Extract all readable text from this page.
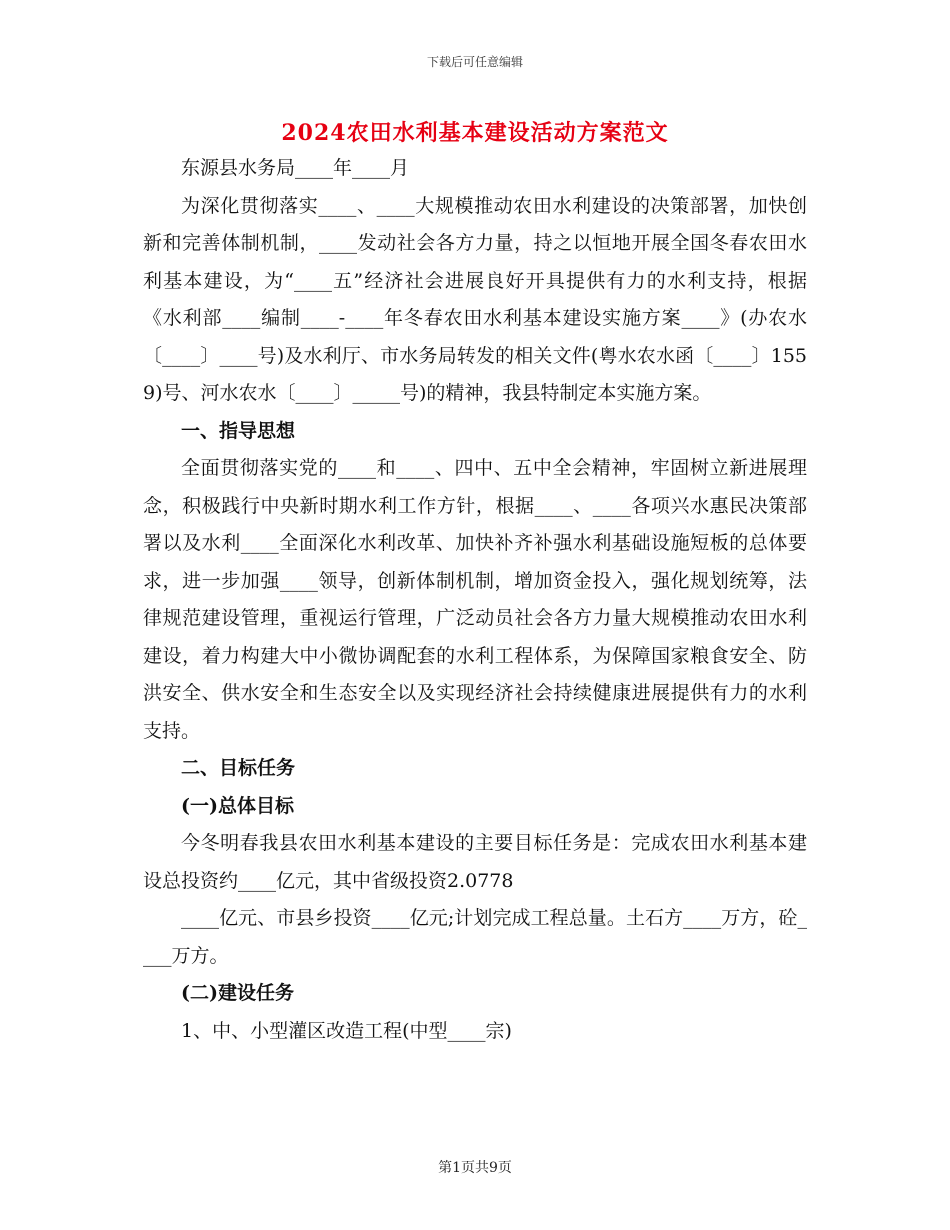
下载后可任意编辑
2024农田水利基本建设活动方案范文

东源县水务局____年____月

为深化贯彻落实____、____大规模推动农田水利建设的决策部署，加快创新和完善体制机制，____发动社会各方力量，持之以恒地开展全国冬春农田水利基本建设，为“____五”经济社会进展良好开具提供有力的水利支持，根据《水利部____编制____-____年冬春农田水利基本建设实施方案____》(办农水〔____〕____号)及水利厅、市水务局转发的相关文件(粤水农水函〔____〕1559)号、河水农水〔____〕_____号)的精神，我县特制定本实施方案。

一、指导思想

全面贯彻落实党的____和____、四中、五中全会精神，牢固树立新进展理念，积极践行中央新时期水利工作方针，根据____、____各项兴水惠民决策部署以及水利____全面深化水利改革、加快补齐补强水利基础设施短板的总体要求，进一步加强____领导，创新体制机制，增加资金投入，强化规划统筹，法律规范建设管理，重视运行管理，广泛动员社会各方力量大规模推动农田水利建设，着力构建大中小微协调配套的水利工程体系，为保障国家粮食安全、防洪安全、供水安全和生态安全以及实现经济社会持续健康进展提供有力的水利支持。

二、目标任务

(一)总体目标

今冬明春我县农田水利基本建设的主要目标任务是：完成农田水利基本建设总投资约____亿元，其中省级投资2.0778

____亿元、市县乡投资____亿元;计划完成工程总量。土石方____万方，砼____万方。

(二)建设任务

1、中、小型灌区改造工程(中型____宗)

第1页共9页
